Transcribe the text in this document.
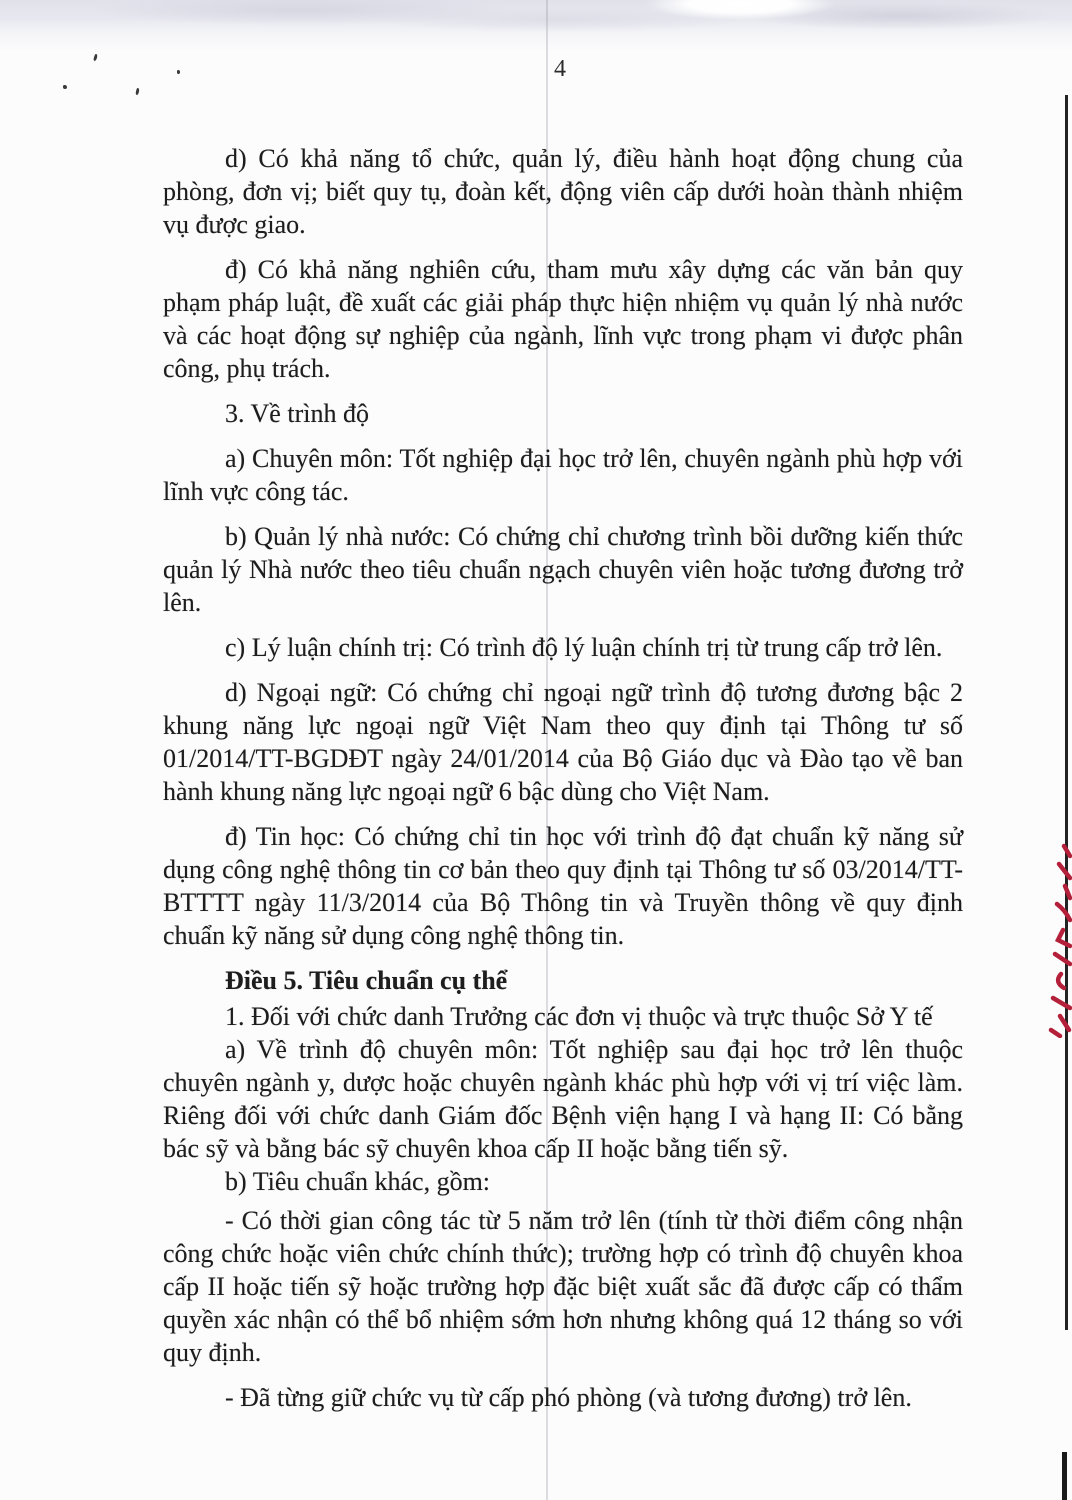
4

d) Có khả năng tổ chức, quản lý, điều hành hoạt động chung của phòng, đơn vị; biết quy tụ, đoàn kết, động viên cấp dưới hoàn thành nhiệm vụ được giao.

đ) Có khả năng nghiên cứu, tham mưu xây dựng các văn bản quy phạm pháp luật, đề xuất các giải pháp thực hiện nhiệm vụ quản lý nhà nước và các hoạt động sự nghiệp của ngành, lĩnh vực trong phạm vi được phân công, phụ trách.

3. Về trình độ

a) Chuyên môn: Tốt nghiệp đại học trở lên, chuyên ngành phù hợp với lĩnh vực công tác.

b) Quản lý nhà nước: Có chứng chỉ chương trình bồi dưỡng kiến thức quản lý Nhà nước theo tiêu chuẩn ngạch chuyên viên hoặc tương đương trở lên.

c) Lý luận chính trị: Có trình độ lý luận chính trị từ trung cấp trở lên.

d) Ngoại ngữ: Có chứng chỉ ngoại ngữ trình độ tương đương bậc 2 khung năng lực ngoại ngữ Việt Nam theo quy định tại Thông tư số 01/2014/TT-BGDĐT ngày 24/01/2014 của Bộ Giáo dục và Đào tạo về ban hành khung năng lực ngoại ngữ 6 bậc dùng cho Việt Nam.

đ) Tin học: Có chứng chỉ tin học với trình độ đạt chuẩn kỹ năng sử dụng công nghệ thông tin cơ bản theo quy định tại Thông tư số 03/2014/TT-BTTTT ngày 11/3/2014 của Bộ Thông tin và Truyền thông về quy định chuẩn kỹ năng sử dụng công nghệ thông tin.

Điều 5. Tiêu chuẩn cụ thể

1. Đối với chức danh Trưởng các đơn vị thuộc và trực thuộc Sở Y tế

a) Về trình độ chuyên môn: Tốt nghiệp sau đại học trở lên thuộc chuyên ngành y, dược hoặc chuyên ngành khác phù hợp với vị trí việc làm. Riêng đối với chức danh Giám đốc Bệnh viện hạng I và hạng II: Có bằng bác sỹ và bằng bác sỹ chuyên khoa cấp II hoặc bằng tiến sỹ.

b) Tiêu chuẩn khác, gồm:

- Có thời gian công tác từ 5 năm trở lên (tính từ thời điểm công nhận công chức hoặc viên chức chính thức); trường hợp có trình độ chuyên khoa cấp II hoặc tiến sỹ hoặc trường hợp đặc biệt xuất sắc đã được cấp có thẩm quyền xác nhận có thể bổ nhiệm sớm hơn nhưng không quá 12 tháng so với quy định.

- Đã từng giữ chức vụ từ cấp phó phòng (và tương đương) trở lên.
